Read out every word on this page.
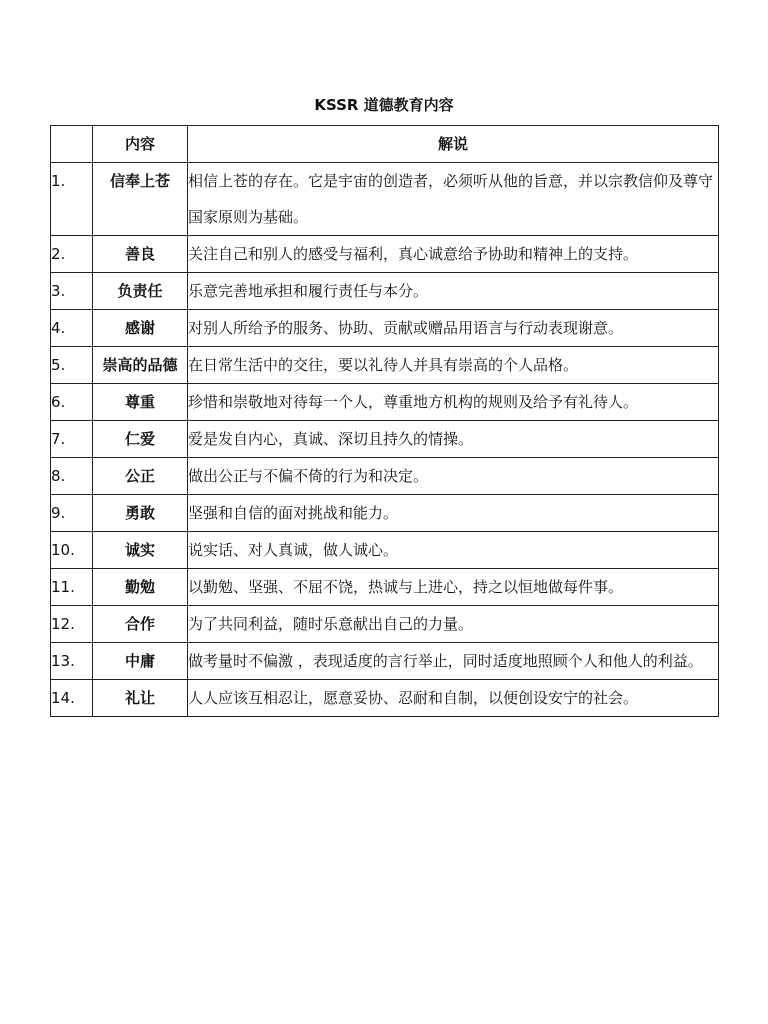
KSSR 道德教育内容
	内容	解说
1.	信奉上苍	相信上苍的存在。它是宇宙的创造者，必须听从他的旨意，并以宗教信仰及尊守国家原则为基础。
2.	善良	关注自己和别人的感受与福利，真心诚意给予协助和精神上的支持。
3.	负责任	乐意完善地承担和履行责任与本分。
4.	感谢	对别人所给予的服务、协助、贡献或赠品用语言与行动表现谢意。
5.	崇高的品德	在日常生活中的交往，要以礼待人并具有崇高的个人品格。
6.	尊重	珍惜和崇敬地对待每一个人，尊重地方机构的规则及给予有礼待人。
7.	仁爱	爱是发自内心，真诚、深切且持久的情操。
8.	公正	做出公正与不偏不倚的行为和决定。
9.	勇敢	坚强和自信的面对挑战和能力。
10.	诚实	说实话、对人真诚，做人诚心。
11.	勤勉	以勤勉、坚强、不屈不饶，热诚与上进心，持之以恒地做每件事。
12.	合作	为了共同利益，随时乐意献出自己的力量。
13.	中庸	做考量时不偏激 ，表现适度的言行举止，同时适度地照顾个人和他人的利益。
14.	礼让	人人应该互相忍让，愿意妥协、忍耐和自制，以便创设安宁的社会。
